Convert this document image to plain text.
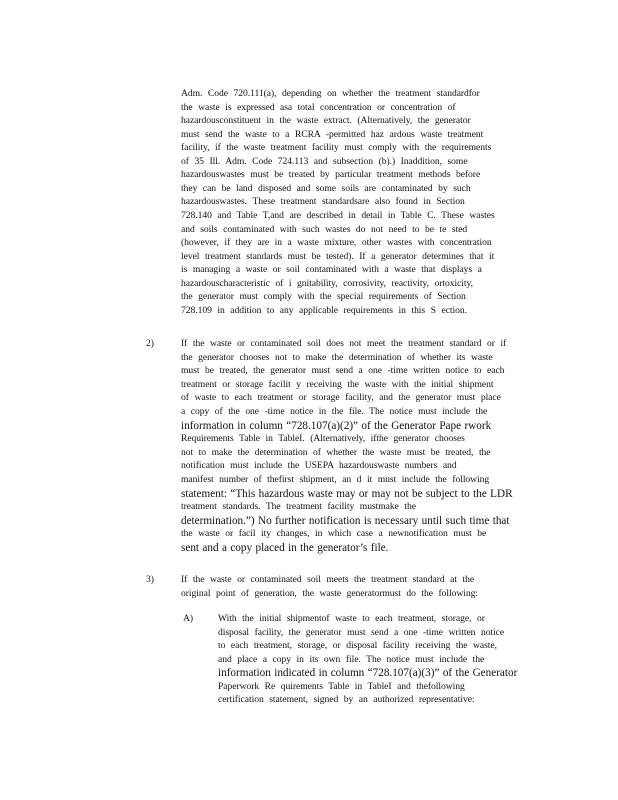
Adm. Code 720.111(a), depending on whether the treatment standardfor
the waste is expressed asa total concentration or concentration of
hazardousconstituent in the waste extract. (Alternatively, the generator
must send the waste to a RCRA -permitted haz ardous waste treatment
facility, if the waste treatment facility must comply with the requirements
of 35 Ill. Adm. Code 724.113 and subsection (b).) Inaddition, some
hazardouswastes must be treated by particular treatment methods before
they can be land disposed and some soils are contaminated by such
hazardouswastes. These treatment standardsare also found in Section
728.140 and Table T,and are described in detail in Table C. These wastes
and soils contaminated with such wastes do not need to be te sted
(however, if they are in a waste mixture, other wastes with concentration
level treatment standards must be tested). If a generator determines that it
is managing a waste or soil contaminated with a waste that displays a
hazardouscharacteristic of i gnitability, corrosivity, reactivity, ortoxicity,
the generator must comply with the special requirements of Section
728.109 in addition to any applicable requirements in this S ection.
2)	If the waste or contaminated soil does not meet the treatment standard or if
the generator chooses not to make the determination of whether its waste
must be treated, the generator must send a one -time written notice to each
treatment or storage facilit y receiving the waste with the initial shipment
of waste to each treatment or storage facility, and the generator must place
a copy of the one -time notice in the file. The notice must include the
information in column “728.107(a)(2)” of the Generator Pape rwork
Requirements Table in TableI. (Alternatively, ifthe generator chooses
not to make the determination of whether the waste must be treated, the
notification must include the USEPA hazardouswaste numbers and
manifest number of thefirst shipment, an d it must include the following
statement: “This hazardous waste may or may not be subject to the LDR
treatment standards. The treatment facility mustmake the
determination.”) No further notification is necessary until such time that
the waste or facil ity changes, in which case a newnotification must be
sent and a copy placed in the generator’s file.
3)	If the waste or contaminated soil meets the treatment standard at the
original point of generation, the waste generatormust do the following:
A)	With the initial shipmentof waste to each treatment, storage, or
disposal facility, the generator must send a one -time written notice
to each treatment, storage, or disposal facility receiving the waste,
and place a copy in its own file. The notice must include the
information indicated in column “728.107(a)(3)” of the Generator
Paperwork Re quirements Table in TableI and thefollowing
certification statement, signed by an authorized representative:
